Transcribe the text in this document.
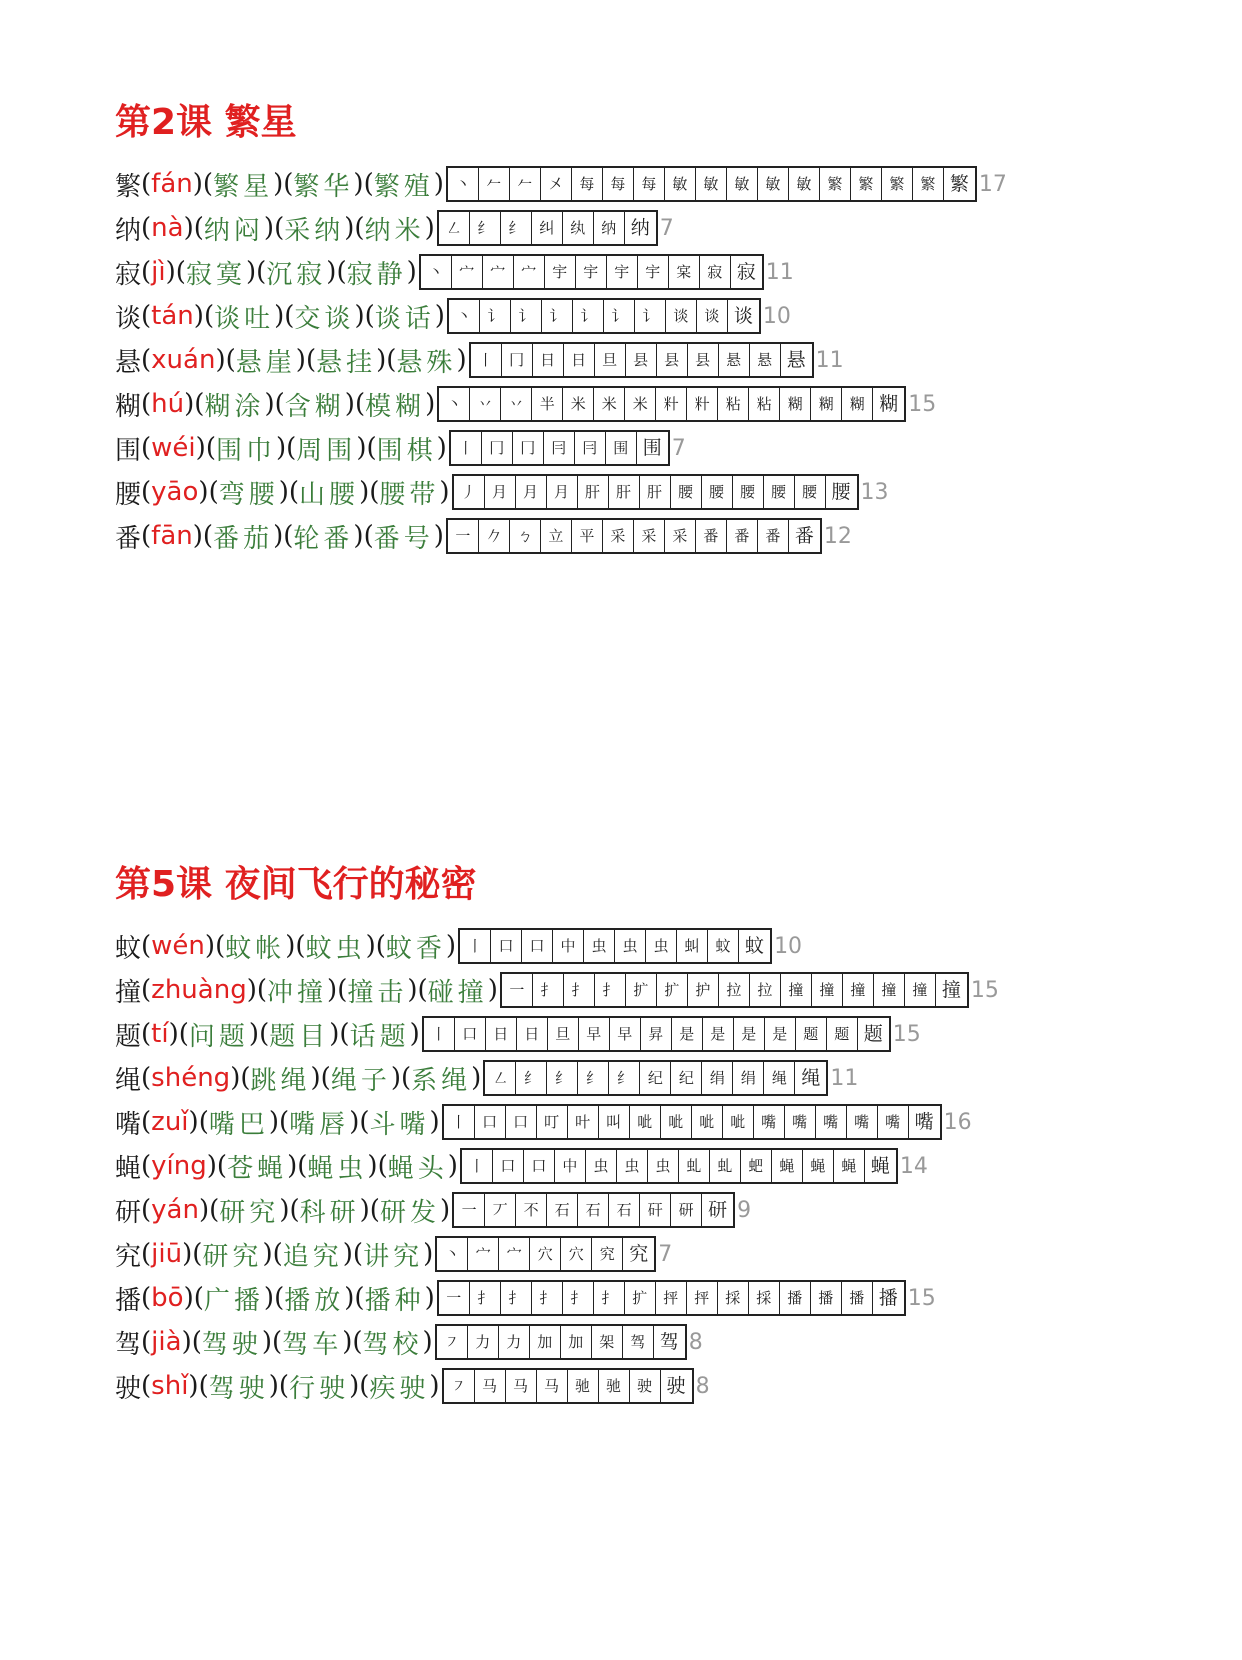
第2课 繁星
繁 ( fán ) ( 繁星 ) ( 繁华 ) ( 繁殖 ) 丶	𠂉	𠂉	㐅	每	每	每	敏	敏	敏	敏	敏	繁	繁	繁	繁 繁 17
纳 ( nà ) ( 纳闷 ) ( 采纳 ) ( 纳米 ) ㇜	纟	纟	纠	纨	纳 纳 7
寂 ( jì ) ( 寂寞 ) ( 沉寂 ) ( 寂静 ) 丶	宀	宀	宀	宇	宇	宇	宇	宲	寂 寂 11
谈 ( tán ) ( 谈吐 ) ( 交谈 ) ( 谈话 ) 丶	讠	讠	讠	讠	讠	讠	谈	谈 谈 10
悬 ( xuán ) ( 悬崖 ) ( 悬挂 ) ( 悬殊 ) 丨	冂	日	日	旦	县	县	县	悬	悬 悬 11
糊 ( hú ) ( 糊涂 ) ( 含糊 ) ( 模糊 ) 丶	丷	丷	半	米	米	米	籵	籵	粘	粘	糊	糊	糊 糊 15
围 ( wéi ) ( 围巾 ) ( 周围 ) ( 围棋 ) 丨	冂	冂	冃	冃	围 围 7
腰 ( yāo ) ( 弯腰 ) ( 山腰 ) ( 腰带 ) 丿	月	月	月	肝	肝	肝	腰	腰	腰	腰	腰 腰 13
番 ( fān ) ( 番茄 ) ( 轮番 ) ( 番号 ) 一	𠂊	ㄅ	立	平	采	采	采	番	番	番 番 12
第5课 夜间飞行的秘密
蚊 ( wén ) ( 蚊帐 ) ( 蚊虫 ) ( 蚊香 ) 丨	口	口	中	虫	虫	虫	虯	蚊 蚊 10
撞 ( zhuàng ) ( 冲撞 ) ( 撞击 ) ( 碰撞 ) 一	扌	扌	扌	扩	扩	护	拉	拉	撞	撞	撞	撞	撞 撞 15
题 ( tí ) ( 问题 ) ( 题目 ) ( 话题 ) 丨	口	日	日	旦	早	早	昇	是	是	是	是	题	题 题 15
绳 ( shéng ) ( 跳绳 ) ( 绳子 ) ( 系绳 ) ㇜	纟	纟	纟	纟	纪	纪	绢	绢	绳 绳 11
嘴 ( zuǐ ) ( 嘴巴 ) ( 嘴唇 ) ( 斗嘴 ) 丨	口	口	叮	叶	叫	呲	呲	呲	呲	嘴	嘴	嘴	嘴	嘴 嘴 16
蝇 ( yíng ) ( 苍蝇 ) ( 蝇虫 ) ( 蝇头 ) 丨	口	口	中	虫	虫	虫	虬	虬	蚆	蝇	蝇	蝇 蝇 14
研 ( yán ) ( 研究 ) ( 科研 ) ( 研发 ) 一	丆	不	石	石	石	矸	研 研 9
究 ( jiū ) ( 研究 ) ( 追究 ) ( 讲究 ) 丶	宀	宀	穴	穴	究 究 7
播 ( bō ) ( 广播 ) ( 播放 ) ( 播种 ) 一	扌	扌	扌	扌	扌	扩	抨	抨	採	採	播	播	播 播 15
驾 ( jià ) ( 驾驶 ) ( 驾车 ) ( 驾校 ) ㇇	力	力	加	加	架	驾 驾 8
驶 ( shǐ ) ( 驾驶 ) ( 行驶 ) ( 疾驶 ) ㇇	马	马	马	驰	驰	驶 驶 8
